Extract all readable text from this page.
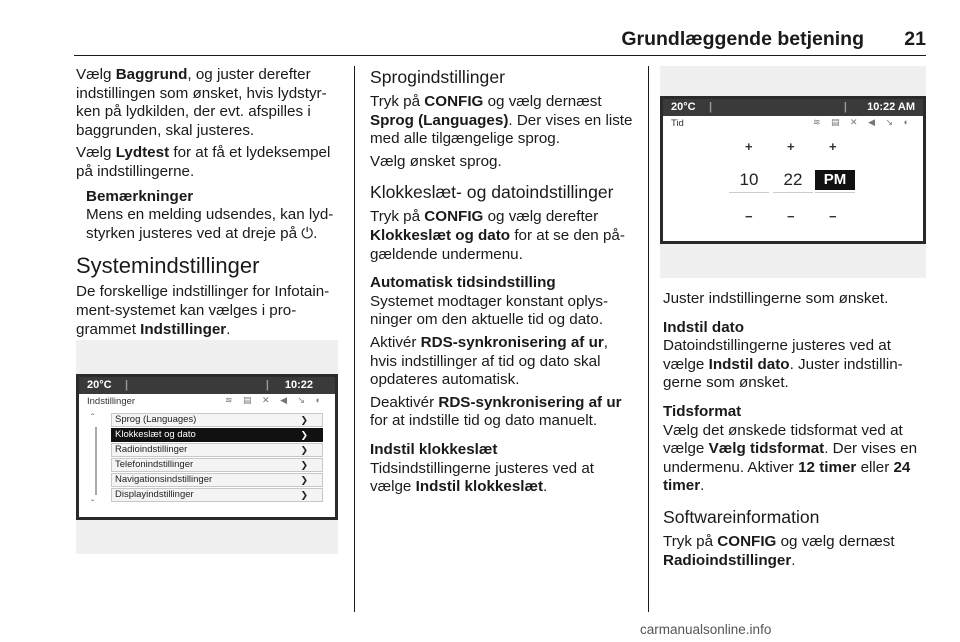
Grundlæggende betjening 21

Vælg Baggrund, og juster derefter indstillingen som ønsket, hvis lydstyr-ken på lydkilden, der evt. afspilles i baggrunden, skal justeres.

Vælg Lydtest for at få et lydeksempel på indstillingerne.

Bemærkninger
Mens en melding udsendes, kan lyd-styrken justeres ved at dreje på ⏻.
Systemindstillinger

De forskellige indstillinger for Infotain-ment-systemet kan vælges i pro-grammet Indstillinger.

20°C |	| 10:22
Indstillinger	≋ ▤ ✕ ◀ ↘ ◐
ˆ
ˇ
Sprog (Languages)	❯
Klokkeslæt og dato	❯
Radioindstillinger	❯
Telefonindstillinger	❯
Navigationsindstillinger	❯
Displayindstillinger	❯
Sprogindstillinger

Tryk på CONFIG og vælg dernæst Sprog (Languages). Der vises en liste med alle tilgængelige sprog.

Vælg ønsket sprog.

Klokkeslæt- og datoindstillinger

Tryk på CONFIG og vælg derefter Klokkeslæt og dato for at se den på-gældende undermenu.

Automatisk tidsindstilling

Systemet modtager konstant oplys-ninger om den aktuelle tid og dato.

Aktivér RDS-synkronisering af ur, hvis indstillinger af tid og dato skal opdateres automatisk.

Deaktivér RDS-synkronisering af ur for at indstille tid og dato manuelt.

Indstil klokkeslæt

Tidsindstillingerne justeres ved at vælge Indstil klokkeslæt.

20°C |	| 10:22 AM
Tid	≋ ▤ ✕ ◀ ↘ ◐
+	+	+
10 22	PM
−	−	−

Juster indstillingerne som ønsket.

Indstil dato

Datoindstillingerne justeres ved at vælge Indstil dato. Juster indstillin-gerne som ønsket.

Tidsformat

Vælg det ønskede tidsformat ved at vælge Vælg tidsformat. Der vises en undermenu. Aktiver 12 timer eller 24 timer.

Softwareinformation

Tryk på CONFIG og vælg dernæst Radioindstillinger.

carmanualsonline.info
